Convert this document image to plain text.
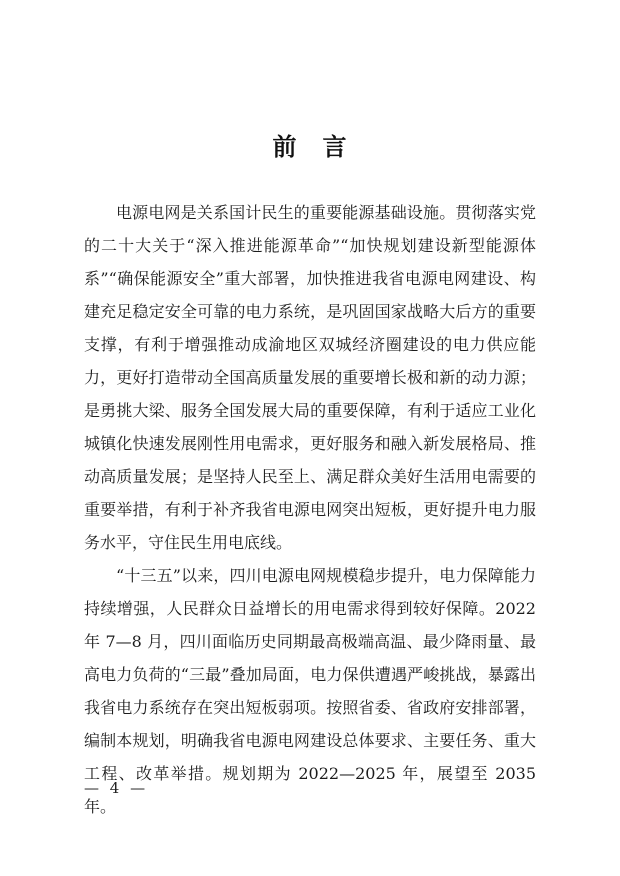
前　言

电源电网是关系国计民生的重要能源基础设施。贯彻落实党的二十大关于“深入推进能源革命”“加快规划建设新型能源体系”“确保能源安全”重大部署，加快推进我省电源电网建设、构建充足稳定安全可靠的电力系统，是巩固国家战略大后方的重要支撑，有利于增强推动成渝地区双城经济圈建设的电力供应能力，更好打造带动全国高质量发展的重要增长极和新的动力源；是勇挑大梁、服务全国发展大局的重要保障，有利于适应工业化城镇化快速发展刚性用电需求，更好服务和融入新发展格局、推动高质量发展；是坚持人民至上、满足群众美好生活用电需要的重要举措，有利于补齐我省电源电网突出短板，更好提升电力服务水平，守住民生用电底线。

“十三五”以来，四川电源电网规模稳步提升，电力保障能力持续增强，人民群众日益增长的用电需求得到较好保障。2022 年 7—8 月，四川面临历史同期最高极端高温、最少降雨量、最高电力负荷的“三最”叠加局面，电力保供遭遇严峻挑战，暴露出我省电力系统存在突出短板弱项。按照省委、省政府安排部署，编制本规划，明确我省电源电网建设总体要求、主要任务、重大工程、改革举措。规划期为 2022—2025 年，展望至 2035 年。

— 4 —
